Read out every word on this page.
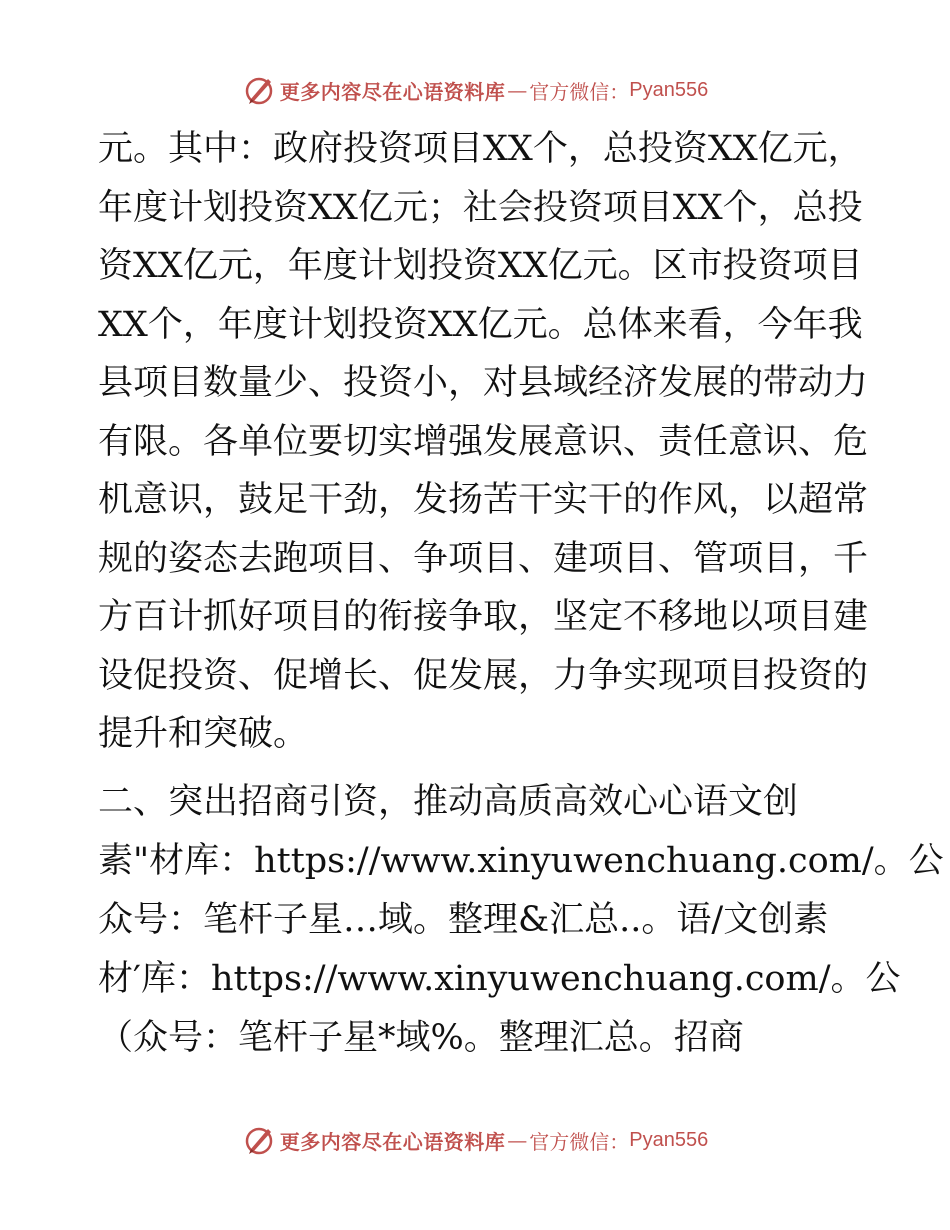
更多内容尽在心语资料库 — 官方微信： Pyan556
元。其中：政府投资项目XX个，总投资XX亿元，
年度计划投资XX亿元；社会投资项目XX个，总投
资XX亿元，年度计划投资XX亿元。区市投资项目
XX个，年度计划投资XX亿元。总体来看，今年我
县项目数量少、投资小，对县域经济发展的带动力
有限。各单位要切实增强发展意识、责任意识、危
机意识，鼓足干劲，发扬苦干实干的作风，以超常
规的姿态去跑项目、争项目、建项目、管项目，千
方百计抓好项目的衔接争取，坚定不移地以项目建
设促投资、促增长、促发展，力争实现项目投资的
提升和突破。
二、突出招商引资，推动高质高效心心语文创
素"材库：https://www.xinyuwenchuang.com/。公
众号：笔杆子星…域。整理&汇总..。语/文创素
材′库：https://www.xinyuwenchuang.com/。公
（众号：笔杆子星*域%。整理汇总。招商
更多内容尽在心语资料库 — 官方微信： Pyan556
